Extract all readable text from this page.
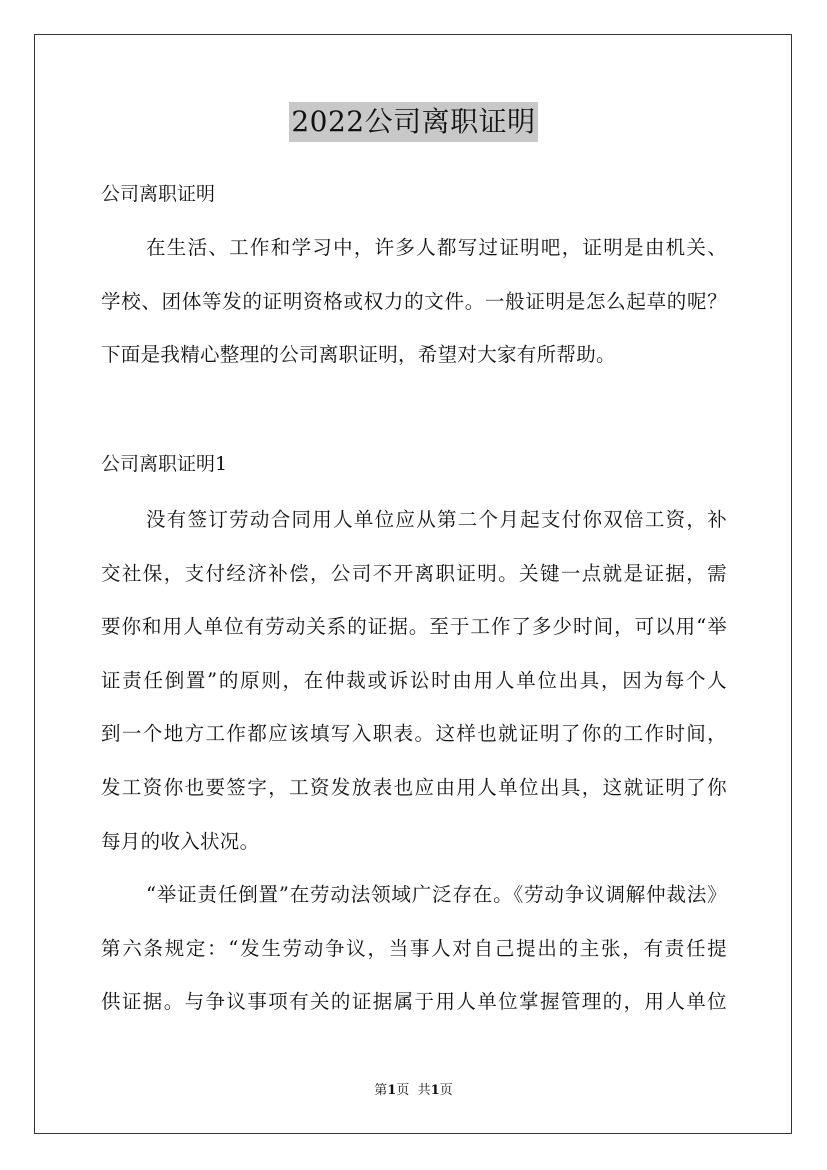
2022公司离职证明
公司离职证明
在生活、工作和学习中，许多人都写过证明吧，证明是由机关、
学校、团体等发的证明资格或权力的文件。一般证明是怎么起草的呢？
下面是我精心整理的公司离职证明，希望对大家有所帮助。
公司离职证明1
没有签订劳动合同用人单位应从第二个月起支付你双倍工资，补
交社保，支付经济补偿，公司不开离职证明。关键一点就是证据，需
要你和用人单位有劳动关系的证据。至于工作了多少时间，可以用“举
证责任倒置”的原则，在仲裁或诉讼时由用人单位出具，因为每个人
到一个地方工作都应该填写入职表。这样也就证明了你的工作时间，
发工资你也要签字，工资发放表也应由用人单位出具，这就证明了你
每月的收入状况。
“举证责任倒置”在劳动法领域广泛存在。《劳动争议调解仲裁法》
第六条规定：“发生劳动争议，当事人对自己提出的主张，有责任提
供证据。与争议事项有关的证据属于用人单位掌握管理的，用人单位
第1页 共1页
